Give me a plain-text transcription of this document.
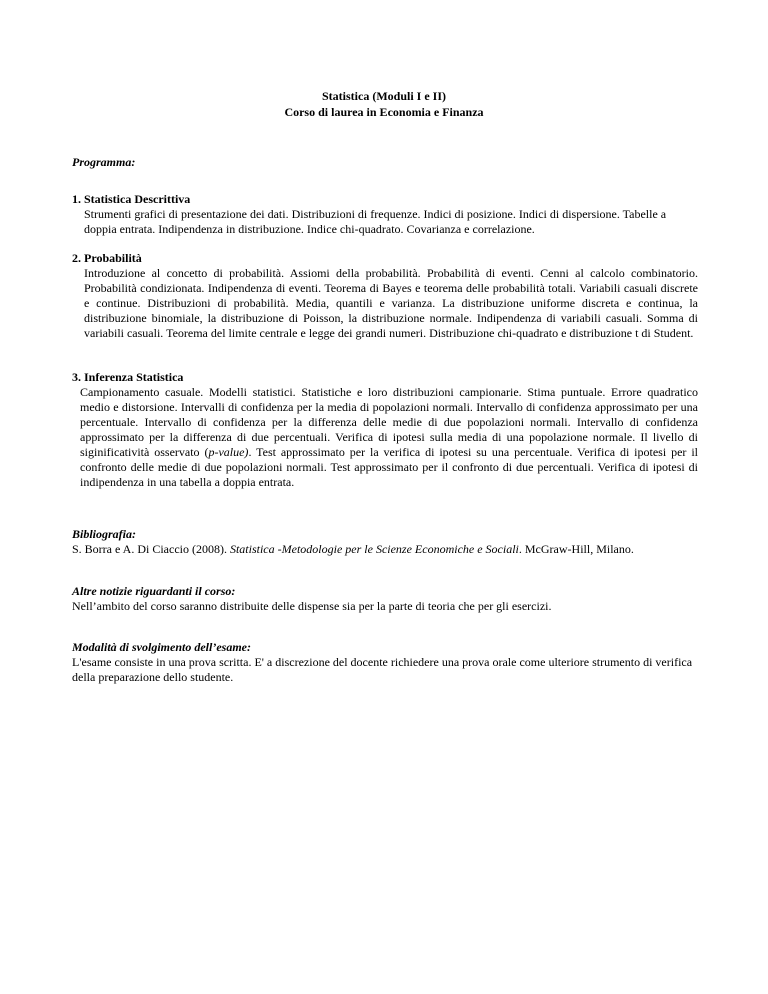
Statistica (Moduli I e II)
Corso di laurea in Economia e Finanza
Programma:
1. Statistica Descrittiva
Strumenti grafici di presentazione dei dati. Distribuzioni di frequenze. Indici di posizione. Indici di dispersione. Tabelle a doppia entrata. Indipendenza in distribuzione. Indice chi-quadrato. Covarianza e correlazione.
2. Probabilità
Introduzione al concetto di probabilità. Assiomi della probabilità. Probabilità di eventi. Cenni al calcolo combinatorio. Probabilità condizionata. Indipendenza di eventi. Teorema di Bayes e teorema delle probabilità totali. Variabili casuali discrete e continue. Distribuzioni di probabilità. Media, quantili e varianza. La distribuzione uniforme discreta e continua, la distribuzione binomiale, la distribuzione di Poisson, la distribuzione normale. Indipendenza di variabili casuali. Somma di variabili casuali. Teorema del limite centrale e legge dei grandi numeri. Distribuzione chi-quadrato e distribuzione t di Student.
3. Inferenza Statistica
Campionamento casuale. Modelli statistici. Statistiche e loro distribuzioni campionarie. Stima puntuale. Errore quadratico medio e distorsione. Intervalli di confidenza per la media di popolazioni normali. Intervallo di confidenza approssimato per una percentuale. Intervallo di confidenza per la differenza delle medie di due popolazioni normali. Intervallo di confidenza approssimato per la differenza di due percentuali. Verifica di ipotesi sulla media di una popolazione normale. Il livello di siginificatività osservato (p-value). Test approssimato per la verifica di ipotesi su una percentuale. Verifica di ipotesi per il confronto delle medie di due popolazioni normali. Test approssimato per il confronto di due percentuali. Verifica di ipotesi di indipendenza in una tabella a doppia entrata.
Bibliografia:
S. Borra e A. Di Ciaccio (2008). Statistica -Metodologie per le Scienze Economiche e Sociali. McGraw-Hill, Milano.
Altre notizie riguardanti il corso:
Nell’ambito del corso saranno distribuite delle dispense sia per la parte di teoria che per gli esercizi.
Modalità di svolgimento dell’esame:
L'esame consiste in una prova scritta. E' a discrezione del docente richiedere una prova orale come ulteriore strumento di verifica della preparazione dello studente.
